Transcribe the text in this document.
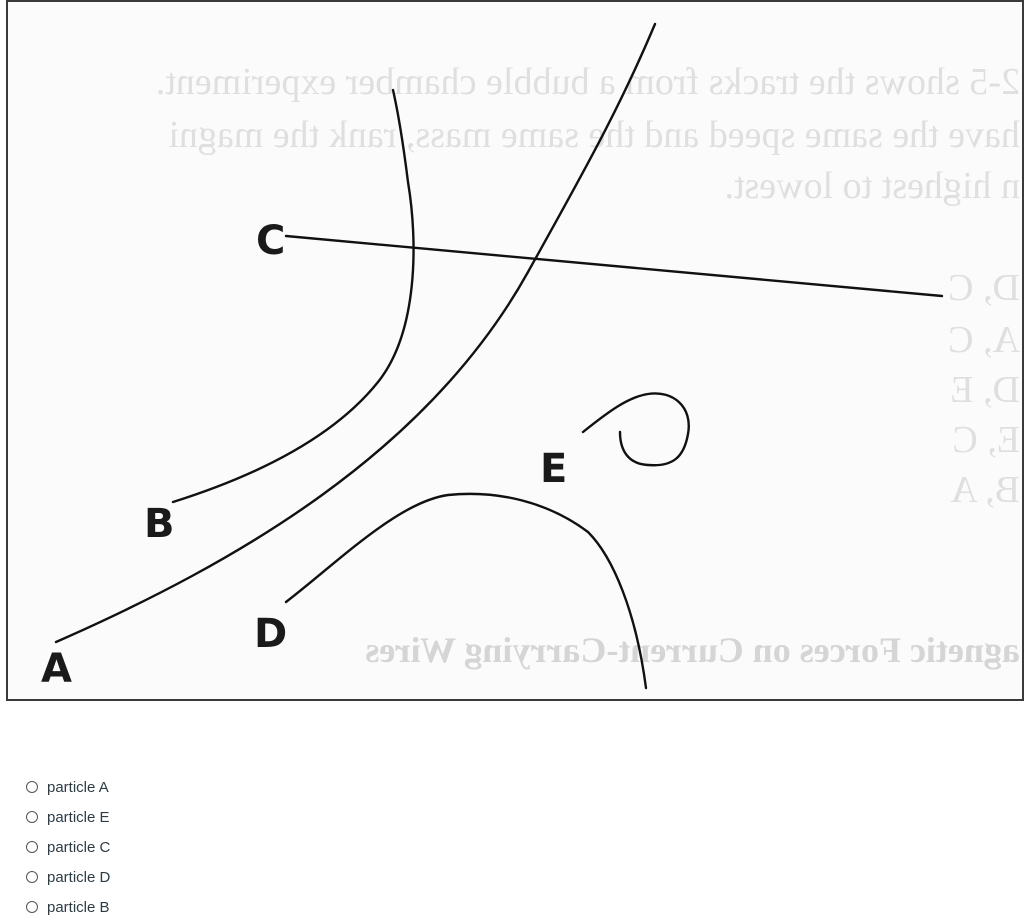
2-5 shows the tracks from a bubble chamber experiment.
have the same speed and the same mass, rank the magni
n highest to lowest.
D, C
A, C
D, E
E, C
B, A
agnetic Forces on Current-Carrying Wires
A
B
C
D
E
particle A
particle E
particle C
particle D
particle B
